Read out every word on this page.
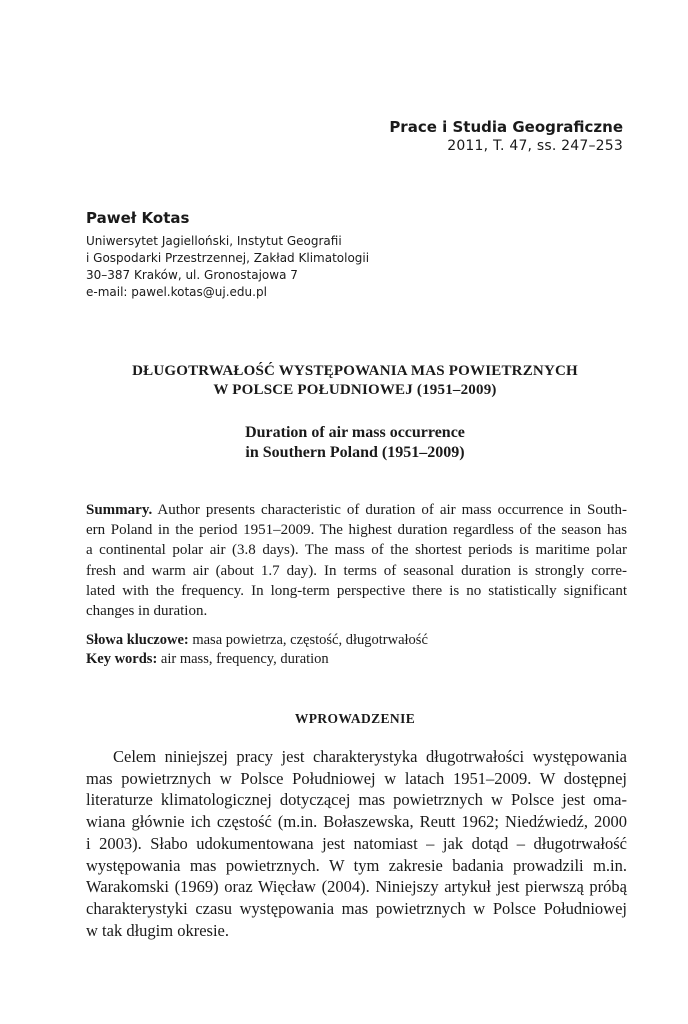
Prace i Studia Geograficzne
2011, T. 47, ss. 247–253
Paweł Kotas
Uniwersytet Jagielloński, Instytut Geografii
i Gospodarki Przestrzennej, Zakład Klimatologii
30–387 Kraków, ul. Gronostajowa 7
e-mail: pawel.kotas@uj.edu.pl
DŁUGOTRWAŁOŚĆ WYSTĘPOWANIA MAS POWIETRZNYCH
W POLSCE POŁUDNIOWEJ (1951–2009)
Duration of air mass occurrence
in Southern Poland (1951–2009)
Summary. Author presents characteristic of duration of air mass occurrence in South-
ern Poland in the period 1951–2009. The highest duration regardless of the season has
a continental polar air (3.8 days). The mass of the shortest periods is maritime polar
fresh and warm air (about 1.7 day). In terms of seasonal duration is strongly corre-
lated with the frequency. In long-term perspective there is no statistically significant
changes in duration.
Słowa kluczowe: masa powietrza, częstość, długotrwałość
Key words: air mass, frequency, duration
WPROWADZENIE
Celem niniejszej pracy jest charakterystyka długotrwałości występowania
mas powietrznych w Polsce Południowej w latach 1951–2009. W dostępnej
literaturze klimatologicznej dotyczącej mas powietrznych w Polsce jest oma-
wiana głównie ich częstość (m.in. Bołaszewska, Reutt 1962; Niedźwiedź, 2000
i 2003). Słabo udokumentowana jest natomiast – jak dotąd – długotrwałość
występowania mas powietrznych. W tym zakresie badania prowadzili m.in.
Warakomski (1969) oraz Więcław (2004). Niniejszy artykuł jest pierwszą próbą
charakterystyki czasu występowania mas powietrznych w Polsce Południowej
w tak długim okresie.
